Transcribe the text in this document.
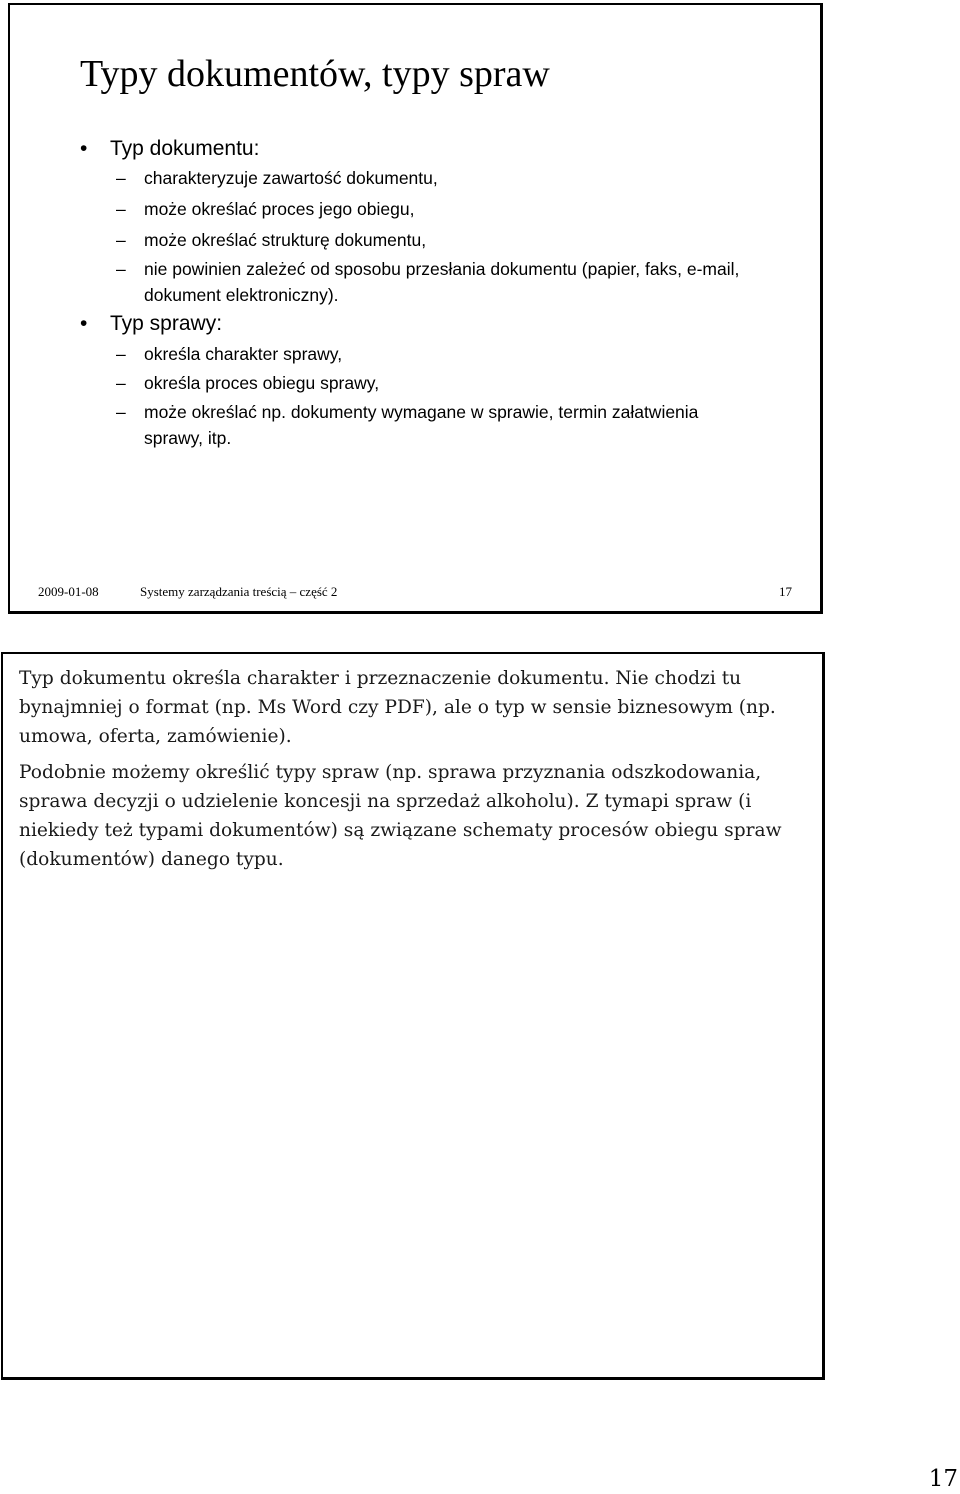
Typy dokumentów, typy spraw
• Typ dokumentu:
– charakteryzuje zawartość dokumentu,
– może określać proces jego obiegu,
– może określać strukturę dokumentu,
– nie powinien zależeć od sposobu przesłania dokumentu (papier, faks, e-mail, dokument elektroniczny).
• Typ sprawy:
– określa charakter sprawy,
– określa proces obiegu sprawy,
– może określać np. dokumenty wymagane w sprawie, termin załatwienia sprawy, itp.
2009-01-08	Systemy zarządzania treścią – część 2	17

Typ dokumentu określa charakter i przeznaczenie dokumentu. Nie chodzi tu bynajmniej o format (np. Ms Word czy PDF), ale o typ w sensie biznesowym (np. umowa, oferta, zamówienie).

Podobnie możemy określić typy spraw (np. sprawa przyznania odszkodowania, sprawa decyzji o udzielenie koncesji na sprzedaż alkoholu). Z tymapi spraw (i niekiedy też typami dokumentów) są związane schematy procesów obiegu spraw (dokumentów) danego typu.

17
